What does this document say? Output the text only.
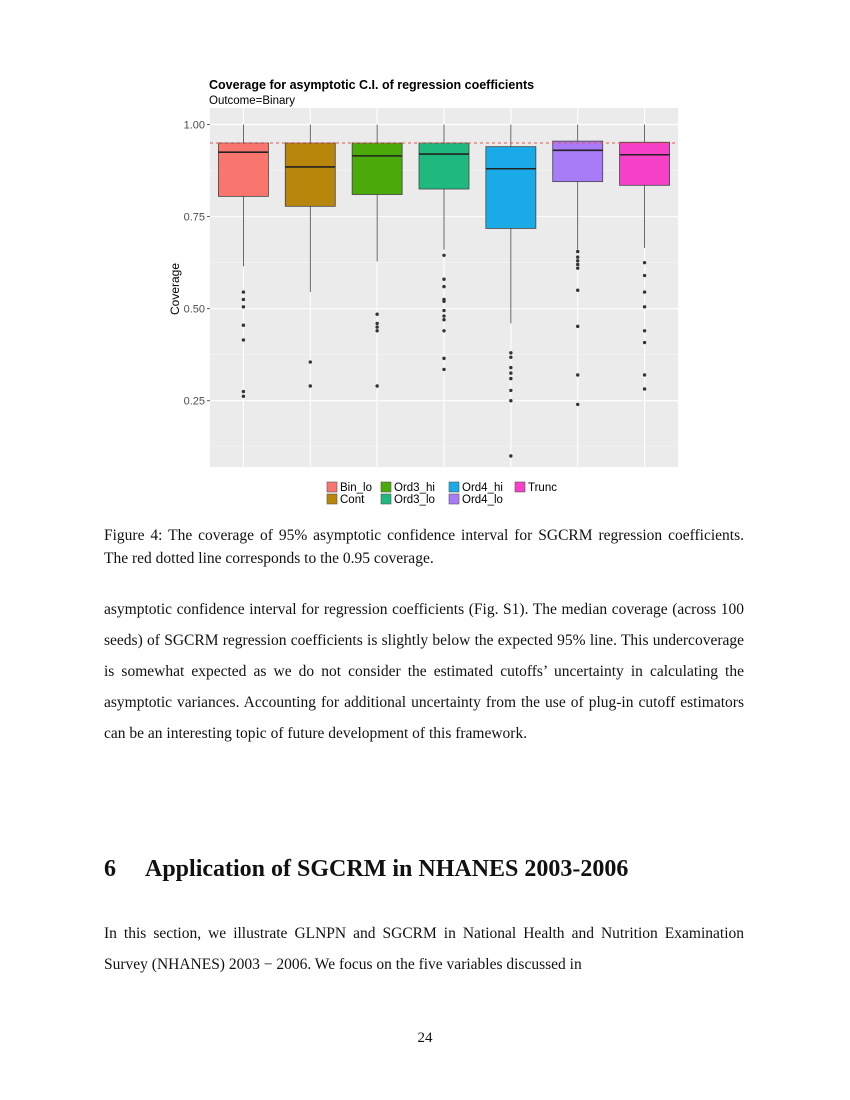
Coverage for asymptotic C.I. of regression coefficients
Outcome=Binary
0.25
0.50
0.75
1.00
Coverage
Bin_lo Ord3_hi Ord4_hi Trunc
Cont	Ord3_lo Ord4_lo

Figure 4: The coverage of 95% asymptotic confidence interval for SGCRM regression coefficients. The red dotted line corresponds to the 0.95 coverage.

asymptotic confidence interval for regression coefficients (Fig. S1). The median coverage (across 100 seeds) of SGCRM regression coefficients is slightly below the expected 95% line. This undercoverage is somewhat expected as we do not consider the estimated cutoffs’ uncertainty in calculating the asymptotic variances. Accounting for additional uncertainty from the use of plug-in cutoff estimators can be an interesting topic of future development of this framework.

6 Application of SGCRM in NHANES 2003-2006

In this section, we illustrate GLNPN and SGCRM in National Health and Nutrition Examination Survey (NHANES) 2003 − 2006. We focus on the five variables discussed in

24
